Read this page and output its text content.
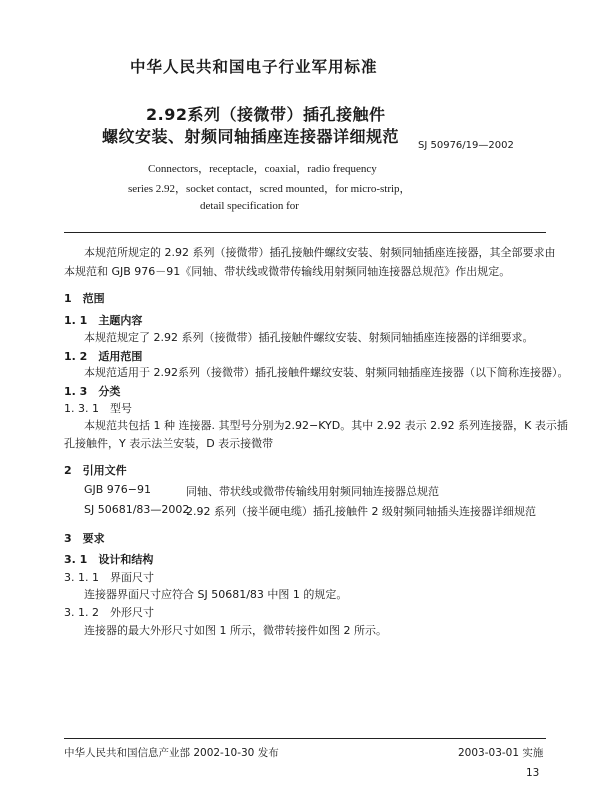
中华人民共和国电子行业军用标准
2.92系列（接微带）插孔接触件
螺纹安装、射频同轴插座连接器详细规范 SJ 50976/19—2002
Connectors，receptacle，coaxial，radio frequency
series 2.92，socket contact，scred mounted，for micro-strip，
detail specification for
本规范所规定的 2.92 系列（接微带）插孔接触件螺纹安装、射频同轴插座连接器，其全部要求由
本规范和 GJB 976－91《同轴、带状线或微带传输线用射频同轴连接器总规范》作出规定。
1　范围
1. 1　主题内容
本规范规定了 2.92 系列（接微带）插孔接触件螺纹安装、射频同轴插座连接器的详细要求。
1. 2　适用范围
本规范适用于 2.92系列（接微带）插孔接触件螺纹安装、射频同轴插座连接器（以下简称连接器）。
1. 3　分类
1. 3. 1　型号
本规范共包括 1 种 连接器. 其型号分别为2.92−KYD。其中 2.92 表示 2.92 系列连接器，K 表示插
孔接触件，Y 表示法兰安装，D 表示接微带
2　引用文件
GJB 976−91	同轴、带状线或微带传输线用射频同轴连接器总规范
SJ 50681/83—2002
2.92 系列（接半硬电缆）插孔接触件 2 级射频同轴插头连接器详细规范
3　要求
3. 1　设计和结构
3. 1. 1　界面尺寸
连接器界面尺寸应符合 SJ 50681/83 中图 1 的规定。
3. 1. 2　外形尺寸
连接器的最大外形尺寸如图 1 所示，微带转接件如图 2 所示。
中华人民共和国信息产业部 2002-10-30 发布	2003-03-01 实施
13
